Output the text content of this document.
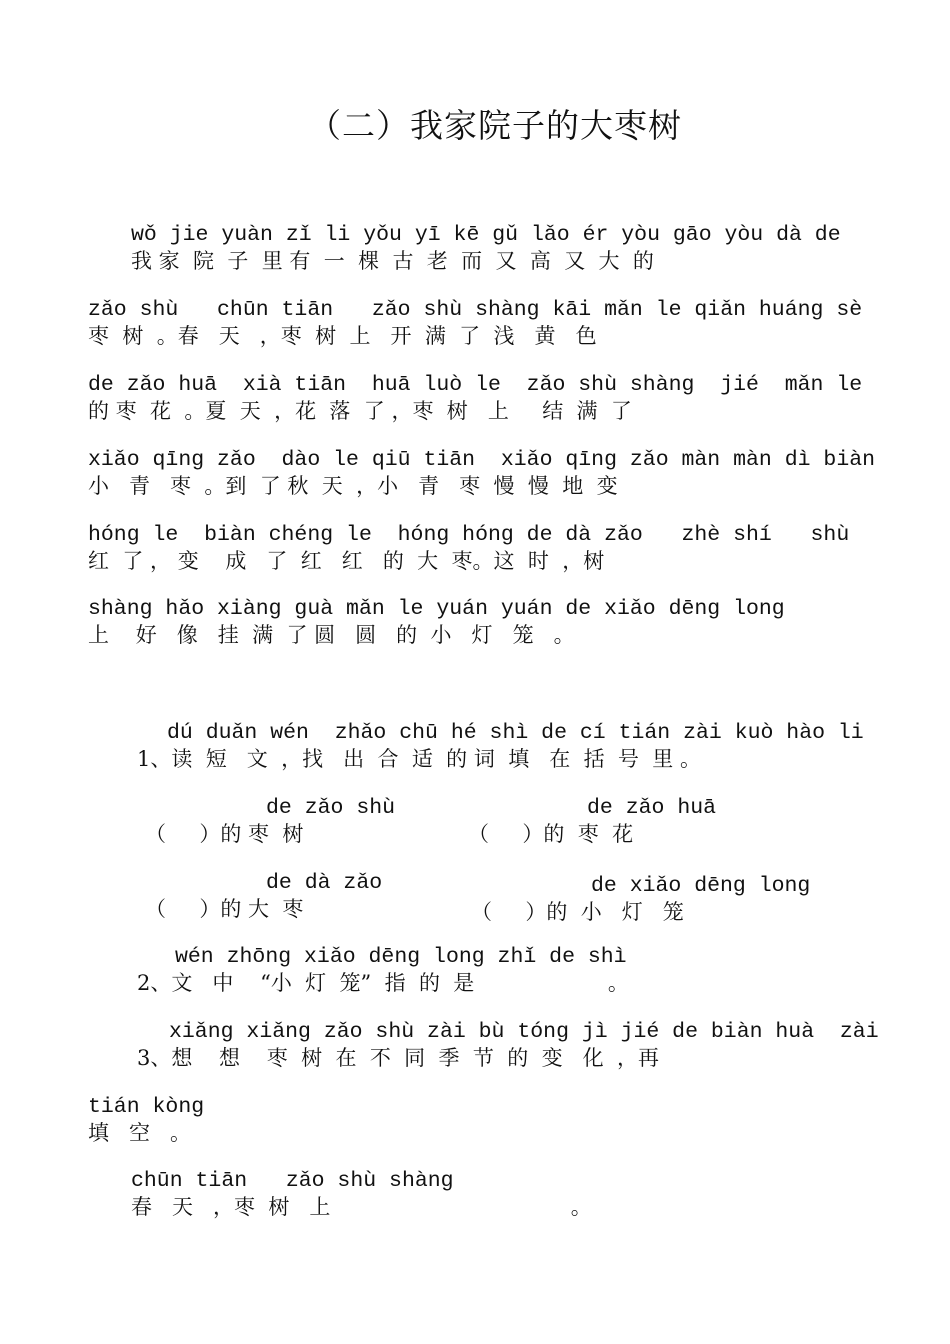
（二）我家院子的大枣树
wǒ jie yuàn zǐ li yǒu yī kē gǔ lǎo ér yòu gāo yòu dà de
我 家  院  子  里 有  一  棵  古  老  而  又  高  又  大  的
zǎo shù   chūn tiān   zǎo shù shàng kāi mǎn le qiǎn huáng sè
枣  树  。春   天   ，枣  树  上   开  满  了  浅   黄   色
de zǎo huā  xià tiān  huā luò le  zǎo shù shàng  jié  mǎn le
的 枣  花  。夏  天  ，花  落  了 ，枣  树   上     结  满  了
xiǎo qīng zǎo  dào le qiū tiān  xiǎo qīng zǎo màn màn dì biàn
小   青   枣  。到  了 秋  天  ，小   青   枣  慢  慢  地  变
hóng le  biàn chéng le  hóng hóng de dà zǎo   zhè shí   shù
红  了 ， 变    成   了  红   红   的  大  枣。这  时  ，树
shàng hǎo xiàng guà mǎn le yuán yuán de xiǎo dēng long
上    好   像   挂  满  了 圆   圆   的  小   灯   笼   。
dú duǎn wén  zhǎo chū hé shì de cí tián zài kuò hào li
1、读  短   文  ，找   出  合  适  的 词  填   在  括  号  里 。
de zǎo shù
（     ）的 枣  树
de zǎo huā
（     ）的  枣  花
de dà zǎo
（     ）的 大  枣
de xiǎo dēng long
（     ）的  小   灯   笼
wén zhōng xiǎo dēng long zhǐ de shì
2、文   中    “小  灯  笼”  指  的  是                    。
xiǎng xiǎng zǎo shù zài bù tóng jì jié de biàn huà  zài
3、想    想    枣  树  在  不  同  季  节  的  变   化  ，再
tián kòng
填   空   。
chūn tiān   zǎo shù shàng
春   天   ，枣  树   上                                    。
